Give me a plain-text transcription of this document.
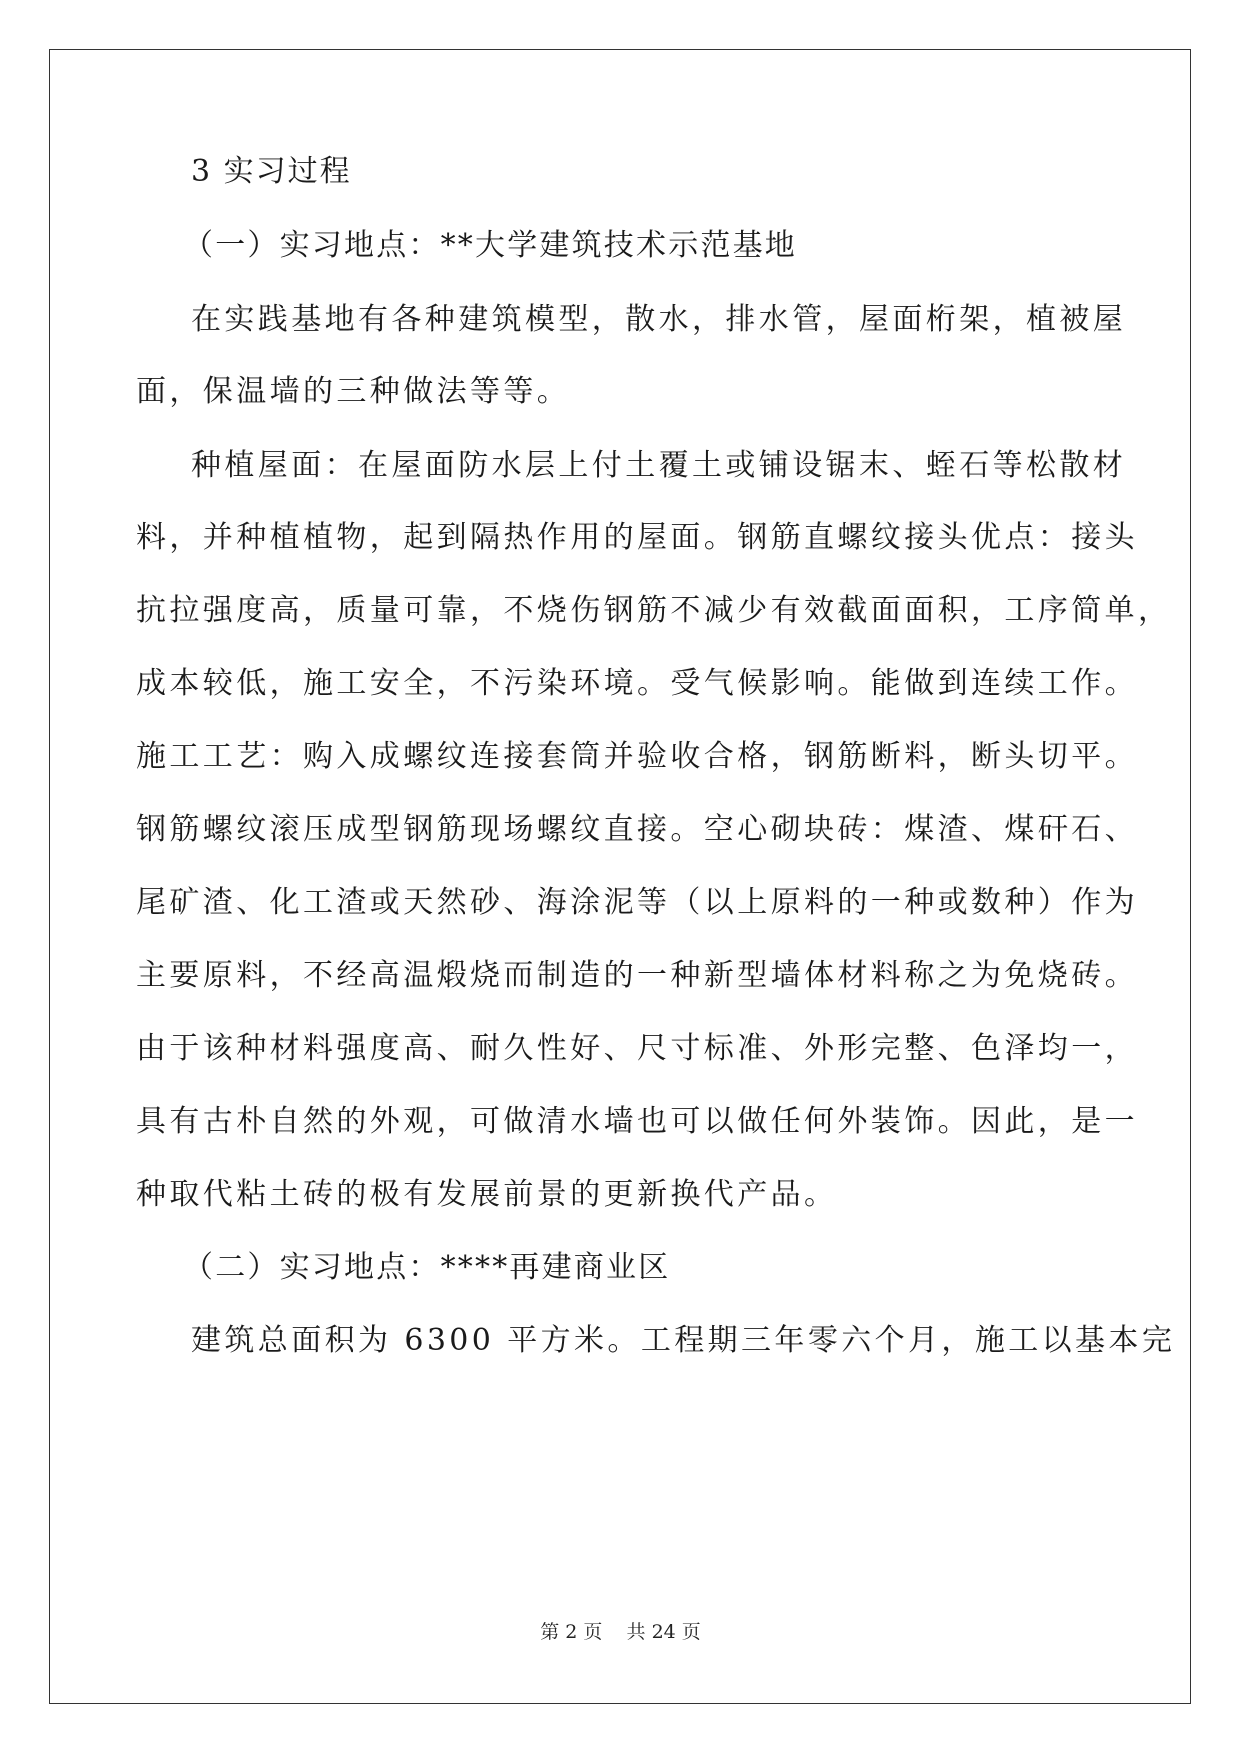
3 实习过程
（一）实习地点：**大学建筑技术示范基地
在实践基地有各种建筑模型，散水，排水管，屋面桁架，植被屋
面，保温墙的三种做法等等。
种植屋面：在屋面防水层上付土覆土或铺设锯末、蛭石等松散材
料，并种植植物，起到隔热作用的屋面。钢筋直螺纹接头优点：接头
抗拉强度高，质量可靠，不烧伤钢筋不减少有效截面面积，工序简单，
成本较低，施工安全，不污染环境。受气候影响。能做到连续工作。
施工工艺：购入成螺纹连接套筒并验收合格，钢筋断料，断头切平。
钢筋螺纹滚压成型钢筋现场螺纹直接。空心砌块砖：煤渣、煤矸石、
尾矿渣、化工渣或天然砂、海涂泥等（以上原料的一种或数种）作为
主要原料，不经高温煅烧而制造的一种新型墙体材料称之为免烧砖。
由于该种材料强度高、耐久性好、尺寸标准、外形完整、色泽均一，
具有古朴自然的外观，可做清水墙也可以做任何外装饰。因此，是一
种取代粘土砖的极有发展前景的更新换代产品。
（二）实习地点：****再建商业区
建筑总面积为 6300 平方米。工程期三年零六个月，施工以基本完
第 2 页 共 24 页
